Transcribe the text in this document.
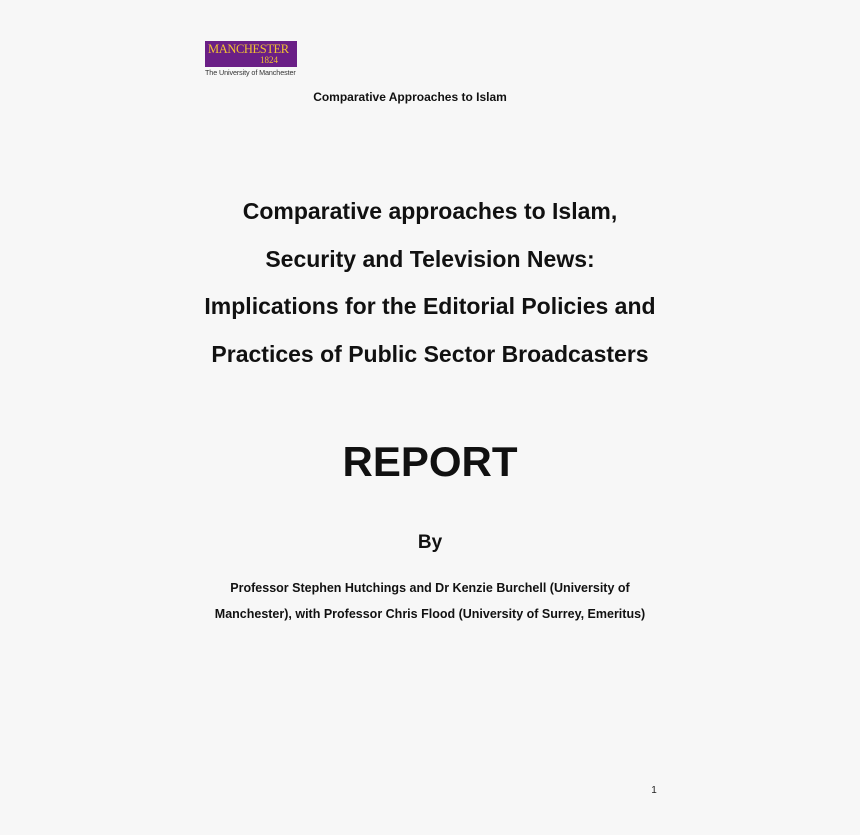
MANCHESTER
1824
The University of Manchester
Comparative Approaches to Islam
Comparative approaches to Islam,
Security and Television News:
Implications for the Editorial Policies and
Practices of Public Sector Broadcasters
REPORT
By
Professor Stephen Hutchings and Dr Kenzie Burchell (University of
Manchester), with Professor Chris Flood (University of Surrey, Emeritus)
1
